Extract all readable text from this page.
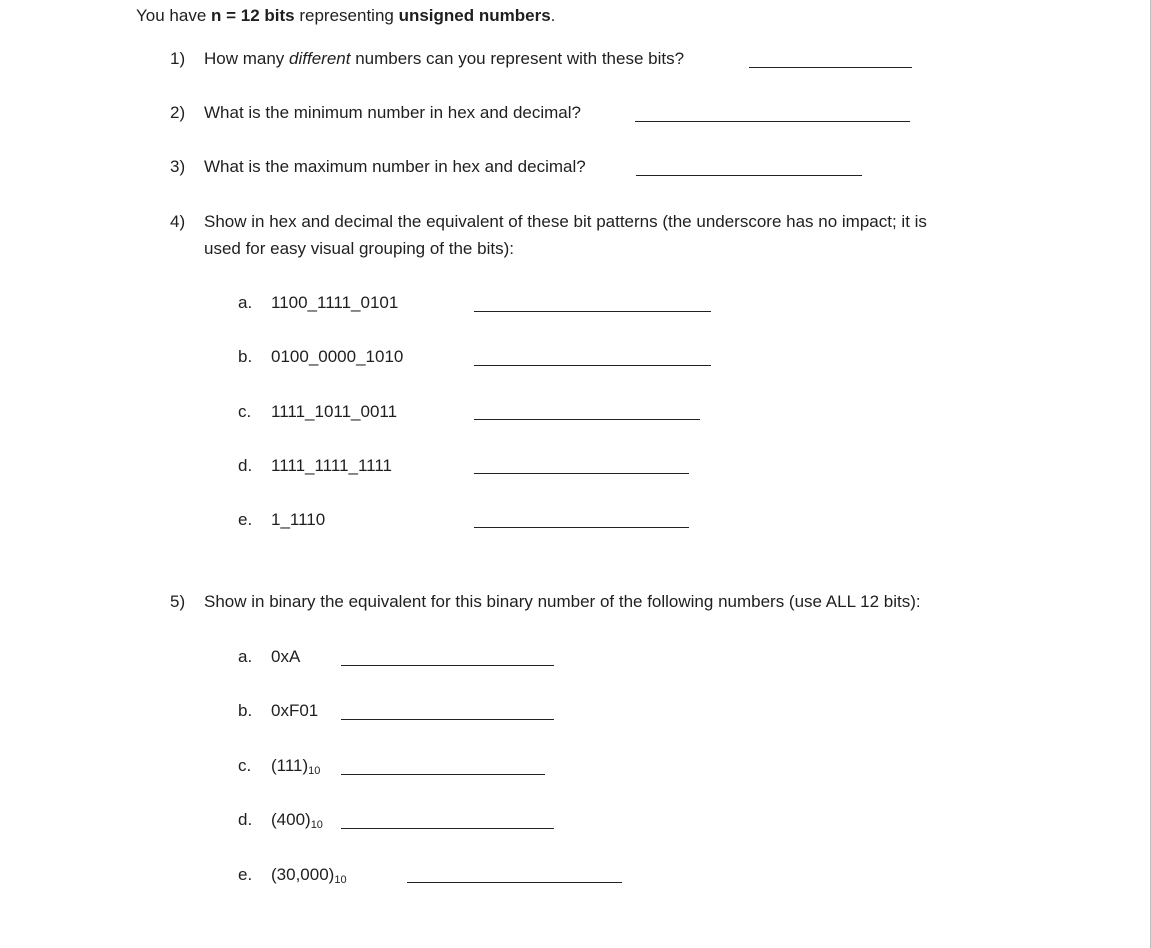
You have n = 12 bits representing unsigned numbers.
1) How many different numbers can you represent with these bits?
2) What is the minimum number in hex and decimal?
3) What is the maximum number in hex and decimal?
4) Show in hex and decimal the equivalent of these bit patterns (the underscore has no impact; it is
used for easy visual grouping of the bits):
a. 1100_1111_0101
b. 0100_0000_1010
c. 1111_1011_0011
d. 1111_1111_1111
e. 1_1110
5) Show in binary the equivalent for this binary number of the following numbers (use ALL 12 bits):
a. 0xA
b. 0xF01
c. $(111)_{10}$
d. $(400)_{10}$
e. $(30,000)_{10}$
